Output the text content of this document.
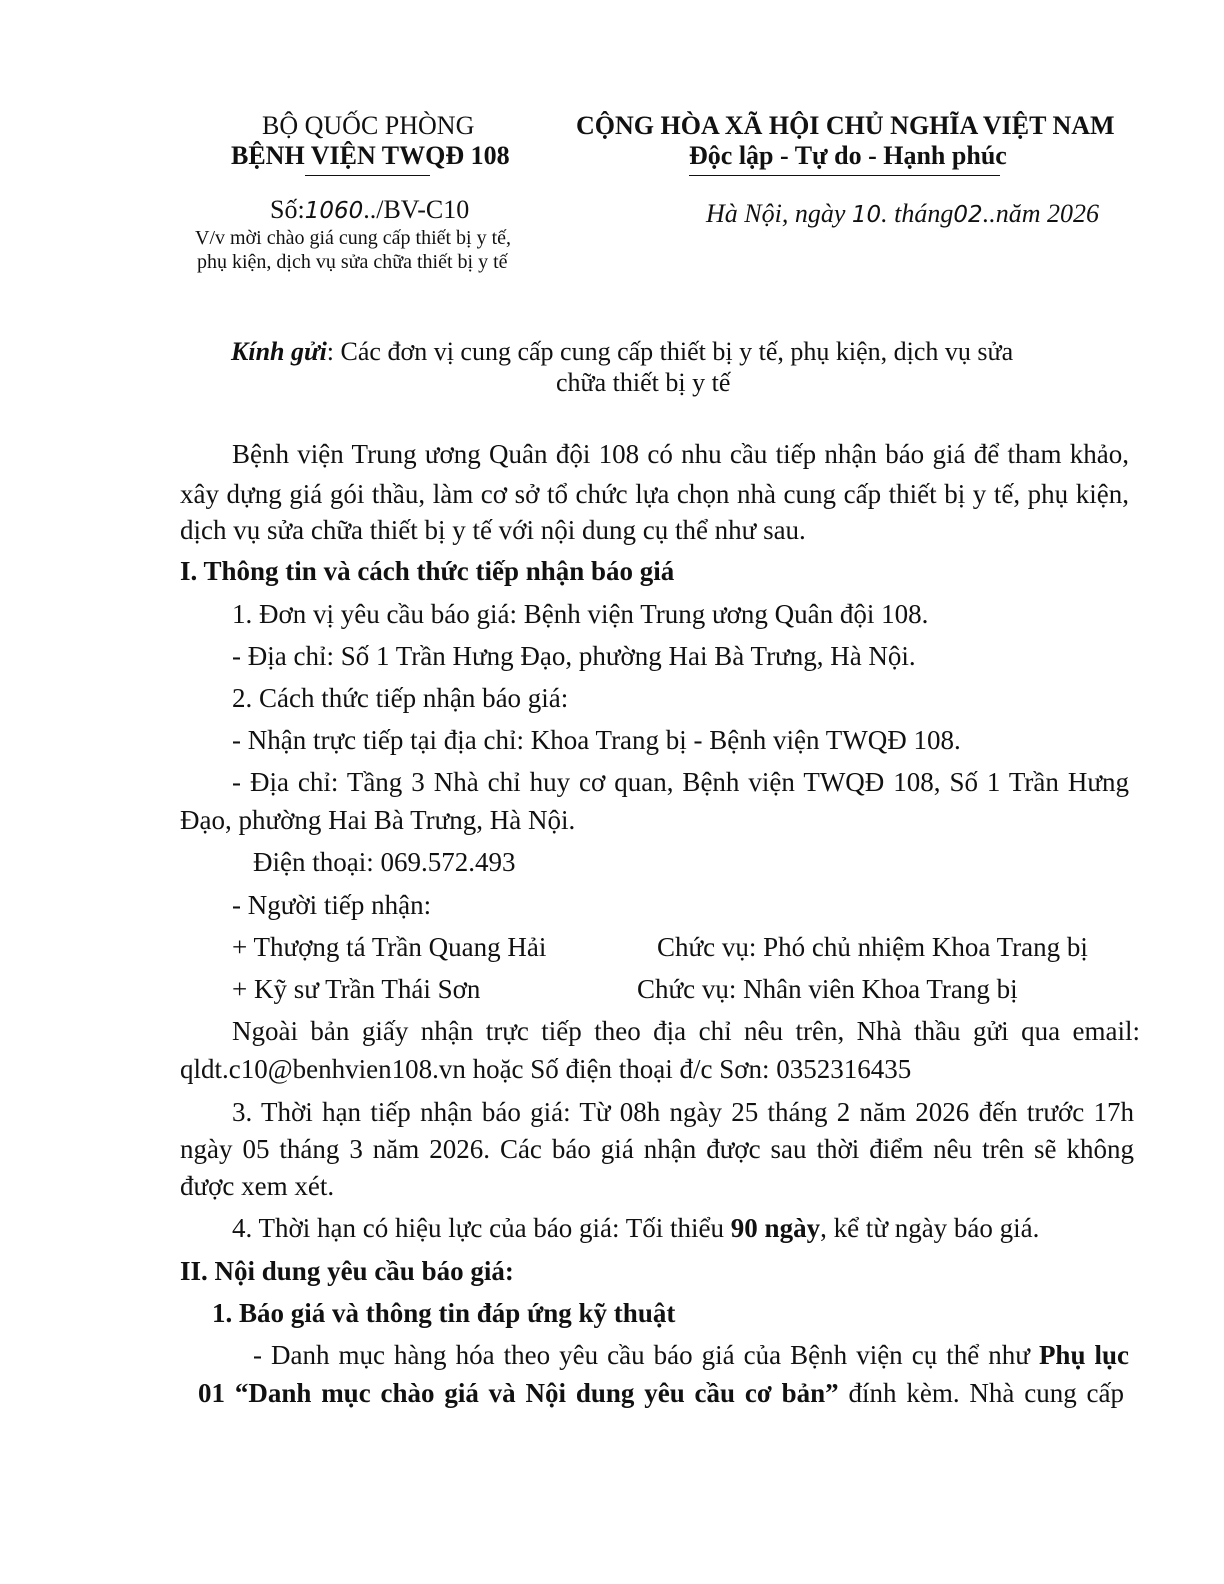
BỘ QUỐC PHÒNG
BỆNH VIỆN TWQĐ 108
Số:1060../BV-C10
V/v mời chào giá cung cấp thiết bị y tế,
phụ kiện, dịch vụ sửa chữa thiết bị y tế
CỘNG HÒA XÃ HỘI CHỦ NGHĨA VIỆT NAM
Độc lập - Tự do - Hạnh phúc
Hà Nội, ngày 10. tháng02..năm 2026
Kính gửi: Các đơn vị cung cấp cung cấp thiết bị y tế, phụ kiện, dịch vụ sửa
chữa thiết bị y tế
Bệnh viện Trung ương Quân đội 108 có nhu cầu tiếp nhận báo giá để tham khảo,
xây dựng giá gói thầu, làm cơ sở tổ chức lựa chọn nhà cung cấp thiết bị y tế, phụ kiện,
dịch vụ sửa chữa thiết bị y tế với nội dung cụ thể như sau.
I. Thông tin và cách thức tiếp nhận báo giá
1. Đơn vị yêu cầu báo giá: Bệnh viện Trung ương Quân đội 108.
- Địa chỉ: Số 1 Trần Hưng Đạo, phường Hai Bà Trưng, Hà Nội.
2. Cách thức tiếp nhận báo giá:
- Nhận trực tiếp tại địa chỉ: Khoa Trang bị - Bệnh viện TWQĐ 108.
- Địa chỉ: Tầng 3 Nhà chỉ huy cơ quan, Bệnh viện TWQĐ 108, Số 1 Trần Hưng
Đạo, phường Hai Bà Trưng, Hà Nội.
Điện thoại: 069.572.493
- Người tiếp nhận:
+ Thượng tá Trần Quang Hải	Chức vụ: Phó chủ nhiệm Khoa Trang bị
+ Kỹ sư Trần Thái Sơn	Chức vụ: Nhân viên Khoa Trang bị
Ngoài bản giấy nhận trực tiếp theo địa chỉ nêu trên, Nhà thầu gửi qua email:
qldt.c10@benhvien108.vn hoặc Số điện thoại đ/c Sơn: 0352316435
3. Thời hạn tiếp nhận báo giá: Từ 08h ngày 25 tháng 2 năm 2026 đến trước 17h
ngày 05 tháng 3 năm 2026. Các báo giá nhận được sau thời điểm nêu trên sẽ không
được xem xét.
4. Thời hạn có hiệu lực của báo giá: Tối thiểu 90 ngày, kể từ ngày báo giá.
II. Nội dung yêu cầu báo giá:
1. Báo giá và thông tin đáp ứng kỹ thuật
- Danh mục hàng hóa theo yêu cầu báo giá của Bệnh viện cụ thể như Phụ lục
01 “Danh mục chào giá và Nội dung yêu cầu cơ bản” đính kèm. Nhà cung cấp
